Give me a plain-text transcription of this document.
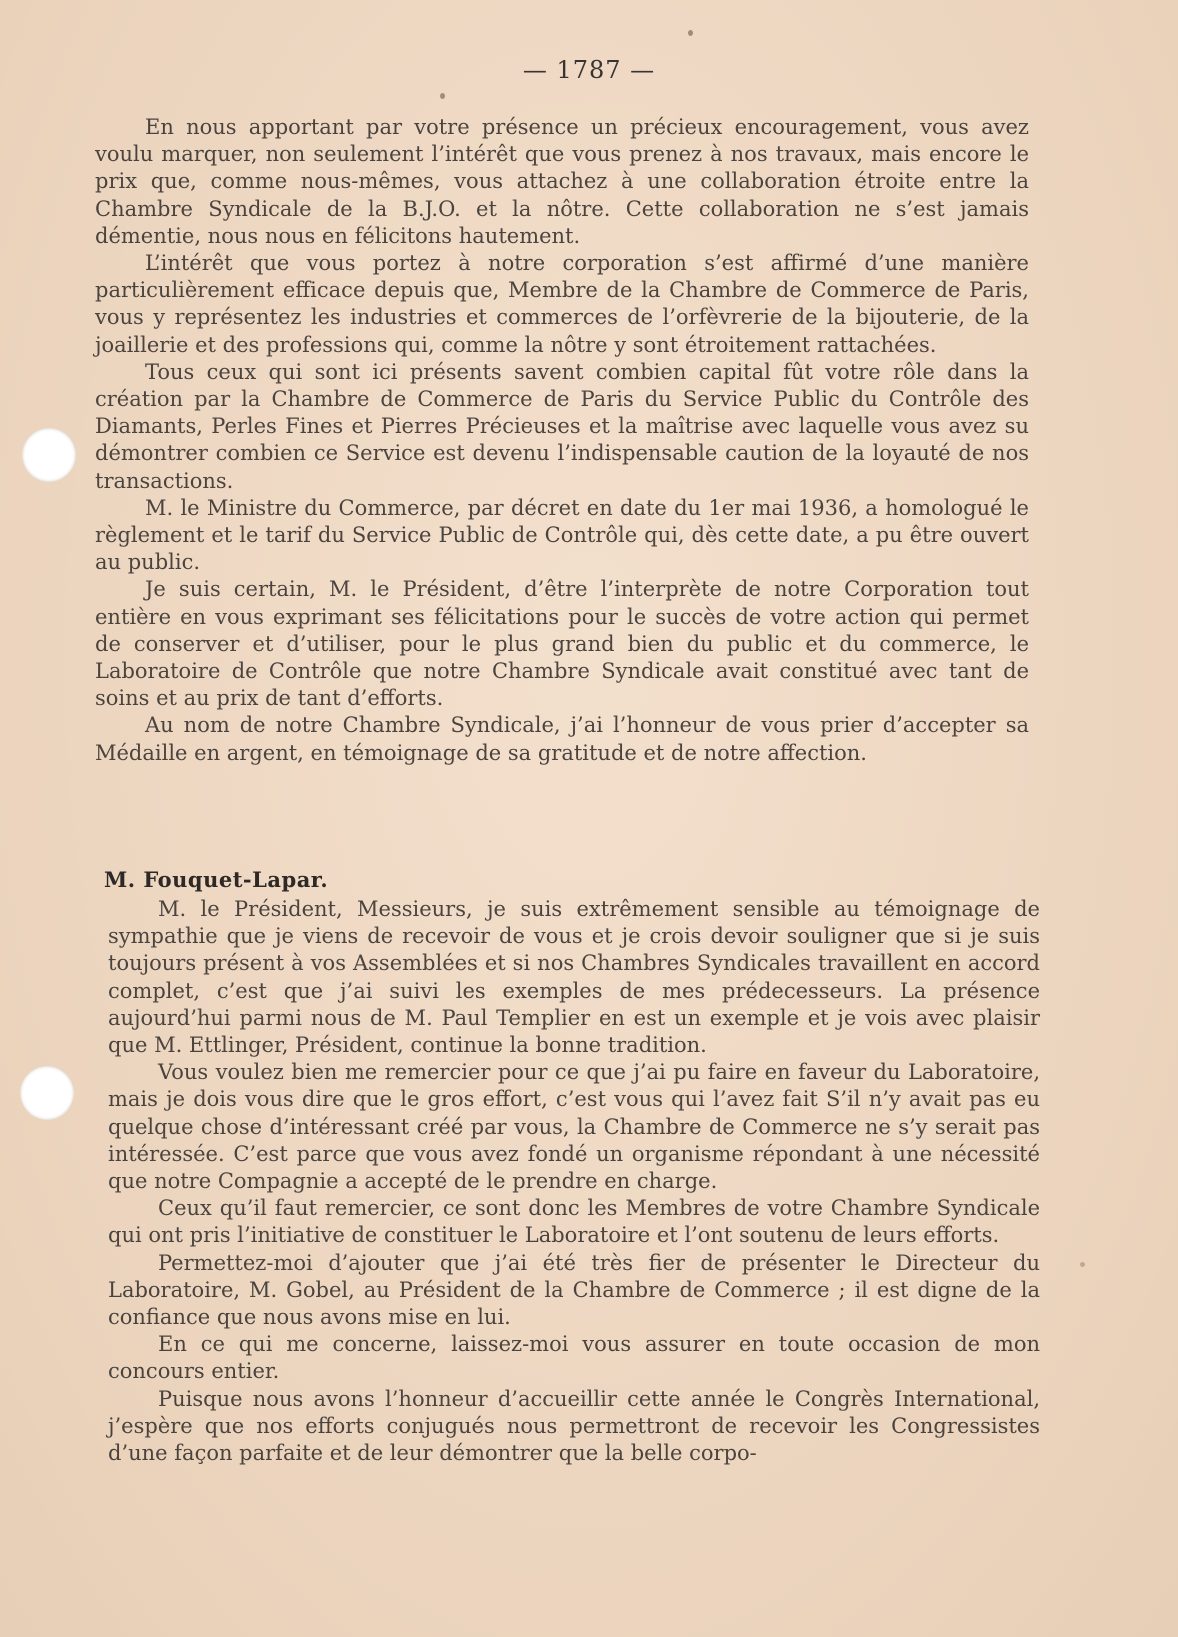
— 1787 —

En nous apportant par votre présence un précieux encouragement, vous avez voulu marquer, non seulement l’intérêt que vous prenez à nos travaux, mais encore le prix que, comme nous-mêmes, vous attachez à une collaboration étroite entre la Chambre Syndicale de la B.J.O. et la nôtre. Cette collaboration ne s’est jamais démentie, nous nous en félicitons hautement.

L’intérêt que vous portez à notre corporation s’est affirmé d’une manière particulièrement efficace depuis que, Membre de la Chambre de Commerce de Paris, vous y représentez les industries et commerces de l’orfèvrerie de la bijouterie, de la joaillerie et des professions qui, comme la nôtre y sont étroitement rattachées.

Tous ceux qui sont ici présents savent combien capital fût votre rôle dans la création par la Chambre de Commerce de Paris du Service Public du Contrôle des Diamants, Perles Fines et Pierres Précieuses et la maîtrise avec laquelle vous avez su démontrer combien ce Service est devenu l’indispensable caution de la loyauté de nos transactions.

M. le Ministre du Commerce, par décret en date du 1er mai 1936, a homologué le règlement et le tarif du Service Public de Contrôle qui, dès cette date, a pu être ouvert au public.

Je suis certain, M. le Président, d’être l’interprète de notre Corporation tout entière en vous exprimant ses félicitations pour le succès de votre action qui permet de conserver et d’utiliser, pour le plus grand bien du public et du commerce, le Laboratoire de Contrôle que notre Chambre Syndicale avait constitué avec tant de soins et au prix de tant d’efforts.

Au nom de notre Chambre Syndicale, j’ai l’honneur de vous prier d’accepter sa Médaille en argent, en témoignage de sa gratitude et de notre affection.

M. Fouquet-Lapar.

M. le Président, Messieurs, je suis extrêmement sensible au témoignage de sympathie que je viens de recevoir de vous et je crois devoir souligner que si je suis toujours présent à vos Assemblées et si nos Chambres Syndicales travaillent en accord complet, c’est que j’ai suivi les exemples de mes prédecesseurs. La présence aujourd’hui parmi nous de M. Paul Templier en est un exemple et je vois avec plaisir que M. Ettlinger, Président, continue la bonne tradition.

Vous voulez bien me remercier pour ce que j’ai pu faire en faveur du Laboratoire, mais je dois vous dire que le gros effort, c’est vous qui l’avez fait S’il n’y avait pas eu quelque chose d’intéressant créé par vous, la Chambre de Commerce ne s’y serait pas intéressée. C’est parce que vous avez fondé un organisme répondant à une nécessité que notre Compagnie a accepté de le prendre en charge.

Ceux qu’il faut remercier, ce sont donc les Membres de votre Chambre Syndicale qui ont pris l’initiative de constituer le Laboratoire et l’ont soutenu de leurs efforts.

Permettez-moi d’ajouter que j’ai été très fier de présenter le Directeur du Laboratoire, M. Gobel, au Président de la Chambre de Commerce ; il est digne de la confiance que nous avons mise en lui.

En ce qui me concerne, laissez-moi vous assurer en toute occasion de mon concours entier.

Puisque nous avons l’honneur d’accueillir cette année le Congrès International, j’espère que nos efforts conjugués nous permettront de recevoir les Congressistes d’une façon parfaite et de leur démontrer que la belle corpo-
